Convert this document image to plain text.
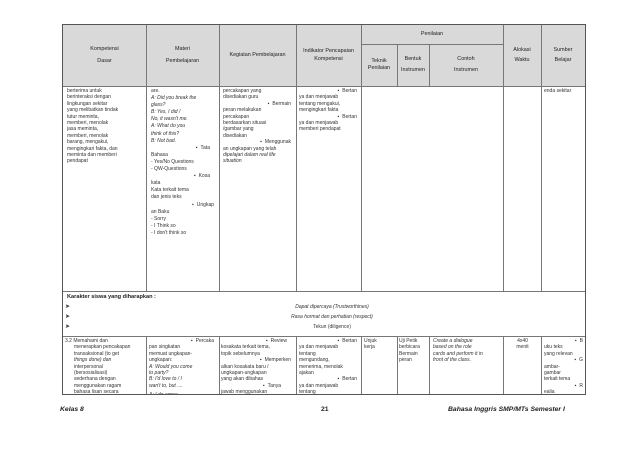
Kompetensi
Dasar
Materi
Pembelajaran
Kegiatan Pembelajaran
Indikator Pencapaian
Kompetensi
Penilaian
Teknik
Penilaian
Bentuk
Instrumen
Contoh
Instrumen
Alokasi
Waktu
Sumber
Belajar
berterima untuk
berinteraksi dengan
lingkungan sekitar
yang melibatkan tindak
tutur meminta,
memberi, menolak
jasa meminta,
memberi, menolak
barang, mengakui,
mengingkari fakta, dan
meminta dan memberi
pendapat
are.
A: Did you break the
glass?
B: Yes, I did /
No, it wasn't me.
A: What do you
think of this?
B: Not bad.
▪ Tata
Bahasa
- Yes/No Questions
- QW-Questions
▪ Kosa
kata
Kata terkait tema
dan jenis teks
▪ Ungkap
an Baku
- Sorry
- I Think so
- I don't think so
percakapan yang
disediakan guru
▪ Bermain
peran melakukan
percakapan
berdasarkan situasi
/gambar yang
disediakan
▪ Menggunak
an ungkapan yang telah
dipelajari dalam real life
situation
▪ Bertan
ya dan menjawab
tentang mengakui,
mengingkari fakta
▪ Bertan
ya dan menjawab
memberi pendapat
enda sekitar
Karakter siswa yang diharapkan :
➤
➤
➤
Dapat dipercaya (Trustworthines)
Rasa hormat dan perhatian (respect)
Tekun (diligence)
3.2 Memahami dan
menerapkan pencakapan
transaksional (to get
things done) dan
interpersonal
(bersosialisasi)
sederhana dengan
menggunakan ragam
bahasa lisan secara
▪ Percaka
pan singkatan
memuat ungkapan-
ungkapan:
A: Would you come
to party?
B: I'd love to / I
wan't to, but ....
▪ Review
kosakata terkait tema,
topik sebelumnya
▪ Memperken
alkan kosakata baru /
ungkapan-ungkapan
yang akan dibahas
▪ Tanya
jawab menggunakan
▪ Bertan
ya dan menjawab
tentang
mengundang,
menerima, menolak
ajakan
▪ Bertan
ya dan menjawab
tentang
Unjuk
kerja
Uji Petik
berbicara
Bermain
peran
Create a dialogue
based on the role
cards and perform it in
front of the class.
4x40
menit
▪ B
uku teks
yang relevan
▪ G
ambar-
gambar
terkait tema
▪ R
ealia
Kelas 8	21	Bahasa Inggris SMP/MTs Semester I
